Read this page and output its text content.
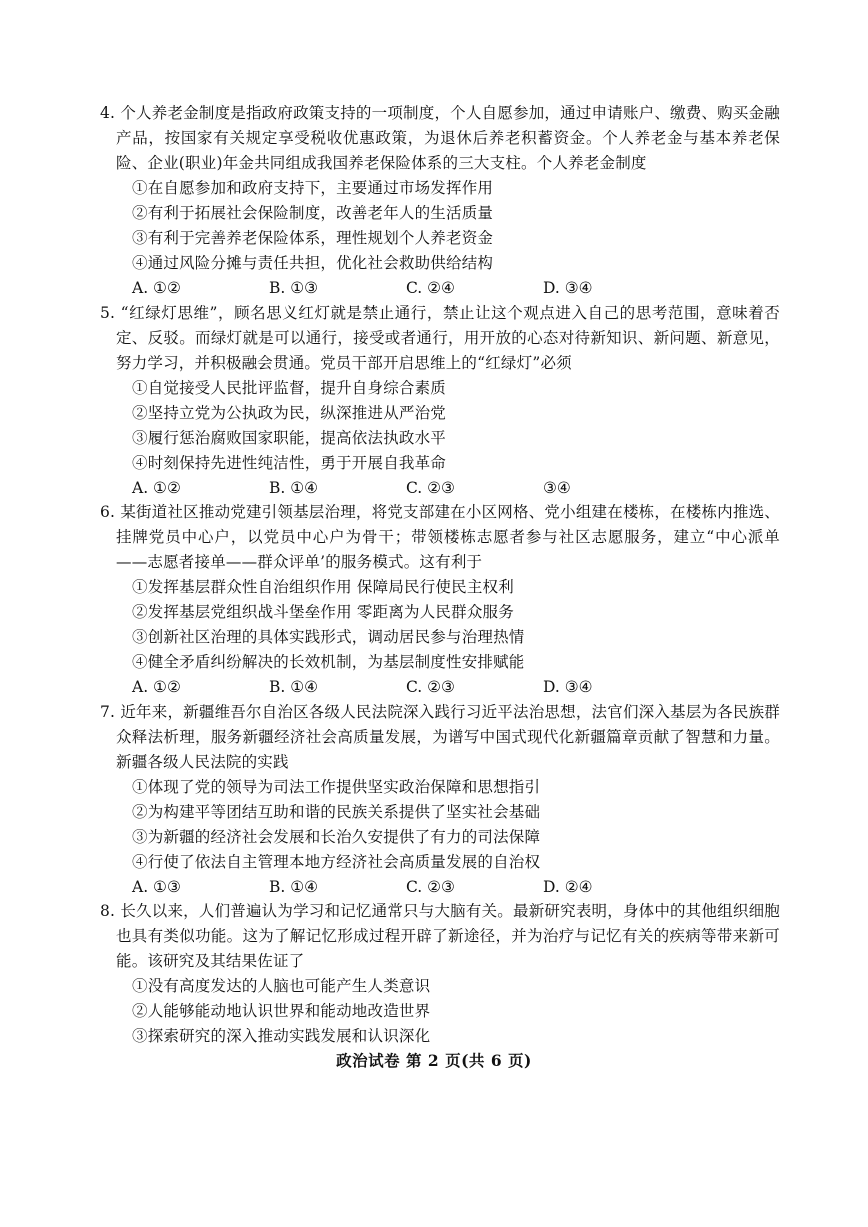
4. 个人养老金制度是指政府政策支持的一项制度，个人自愿参加，通过申请账户、缴费、购买金融产品，按国家有关规定享受税收优惠政策，为退休后养老积蓄资金。个人养老金与基本养老保险、企业(职业)年金共同组成我国养老保险体系的三大支柱。个人养老金制度

①在自愿参加和政府支持下，主要通过市场发挥作用

②有利于拓展社会保险制度，改善老年人的生活质量

③有利于完善养老保险体系，理性规划个人养老资金

④通过风险分摊与责任共担，优化社会救助供给结构

A. ①②	B. ①③	C. ②④	D. ③④

5. “红绿灯思维”，顾名思义红灯就是禁止通行，禁止让这个观点进入自己的思考范围，意味着否定、反驳。而绿灯就是可以通行，接受或者通行，用开放的心态对待新知识、新问题、新意见，努力学习，并积极融会贯通。党员干部开启思维上的“红绿灯”必须

①自觉接受人民批评监督，提升自身综合素质

②坚持立党为公执政为民，纵深推进从严治党

③履行惩治腐败国家职能，提高依法执政水平

④时刻保持先进性纯洁性，勇于开展自我革命

A. ①②	B. ①④	C. ②③	③④

6. 某街道社区推动党建引领基层治理，将党支部建在小区网格、党小组建在楼栋，在楼栋内推选、挂牌党员中心户，以党员中心户为骨干；带领楼栋志愿者参与社区志愿服务，建立“中心派单——志愿者接单——群众评单’的服务模式。这有利于

①发挥基层群众性自治组织作用 保障局民行使民主权利

②发挥基层党组织战斗堡垒作用 零距离为人民群众服务

③创新社区治理的具体实践形式，调动居民参与治理热情

④健全矛盾纠纷解决的长效机制，为基层制度性安排赋能

A. ①②	B. ①④	C. ②③	D. ③④

7. 近年来，新疆维吾尔自治区各级人民法院深入践行习近平法治思想，法官们深入基层为各民族群众释法析理，服务新疆经济社会高质量发展，为谱写中国式现代化新疆篇章贡献了智慧和力量。新疆各级人民法院的实践

①体现了党的领导为司法工作提供坚实政治保障和思想指引

②为构建平等团结互助和谐的民族关系提供了坚实社会基础

③为新疆的经济社会发展和长治久安提供了有力的司法保障

④行使了依法自主管理本地方经济社会高质量发展的自治权

A. ①③	B. ①④	C. ②③	D. ②④

8. 长久以来，人们普遍认为学习和记忆通常只与大脑有关。最新研究表明，身体中的其他组织细胞也具有类似功能。这为了解记忆形成过程开辟了新途径，并为治疗与记忆有关的疾病等带来新可能。该研究及其结果佐证了

①没有高度发达的人脑也可能产生人类意识

②人能够能动地认识世界和能动地改造世界

③探索研究的深入推动实践发展和认识深化

政治试卷 第 2 页(共 6 页)
